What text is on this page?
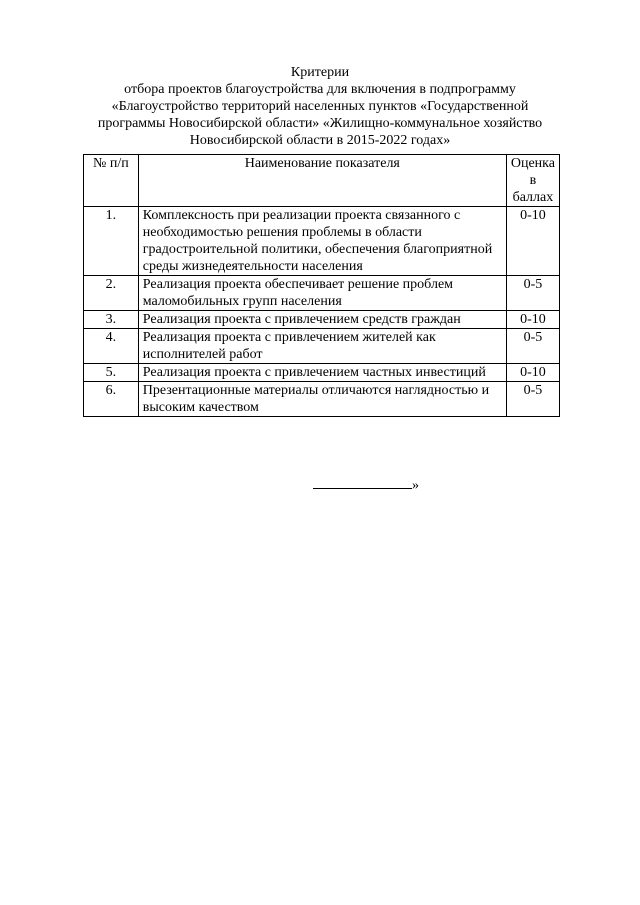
Критерии
отбора проектов благоустройства для включения в подпрограмму
«Благоустройство территорий населенных пунктов «Государственной
программы Новосибирской области» «Жилищно-коммунальное хозяйство
Новосибирской области в 2015-2022 годах»
№ п/п	Наименование показателя	Оценка в баллах
1.	Комплексность при реализации проекта связанного с необходимостью решения проблемы в области градостроительной политики, обеспечения благоприятной среды жизнедеятельности населения	0-10
2.	Реализация проекта обеспечивает решение проблем маломобильных групп населения	0-5
3.	Реализация проекта с привлечением средств граждан	0-10
4.	Реализация проекта с привлечением жителей как исполнителей работ	0-5
5.	Реализация проекта с привлечением частных инвестиций	0-10
6.	Презентационные материалы отличаются наглядностью и высоким качеством	0-5
»
